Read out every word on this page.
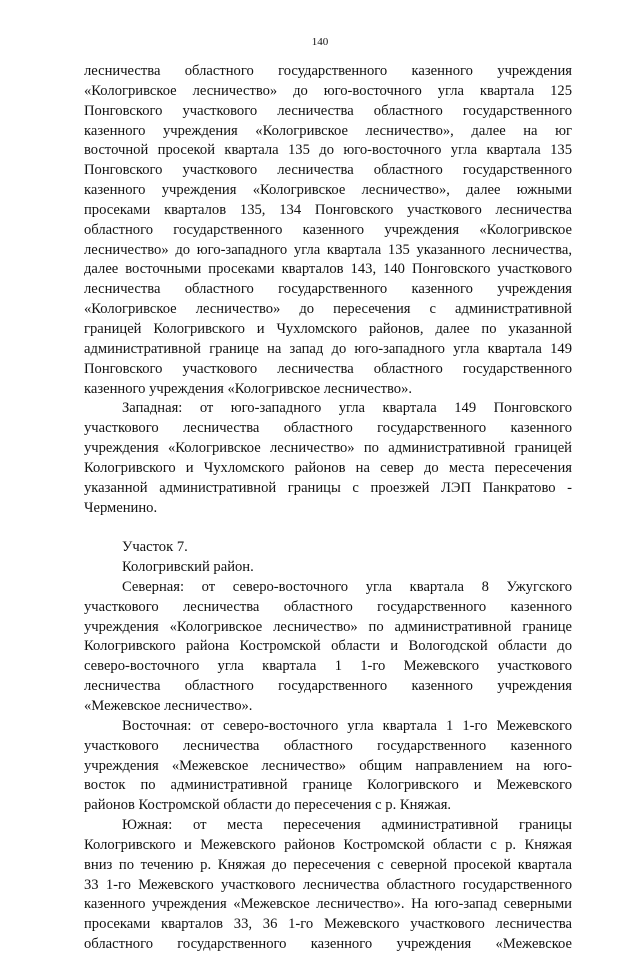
140

лесничества областного государственного казенного учреждения
«Кологривское лесничество» до юго-восточного угла квартала 125
Понговского участкового лесничества областного государственного
казенного учреждения «Кологривское лесничество», далее на юг
восточной просекой квартала 135 до юго-восточного угла квартала 135
Понговского участкового лесничества областного государственного
казенного учреждения «Кологривское лесничество», далее южными
просеками кварталов 135, 134 Понговского участкового лесничества
областного государственного казенного учреждения «Кологривское
лесничество» до юго-западного угла квартала 135 указанного лесничества,
далее восточными просеками кварталов 143, 140 Понговского участкового
лесничества областного государственного казенного учреждения
«Кологривское лесничество» до пересечения с административной
границей Кологривского и Чухломского районов, далее по указанной
административной границе на запад до юго-западного угла квартала 149
Понговского участкового лесничества областного государственного
казенного учреждения «Кологривское лесничество».

Западная: от юго-западного угла квартала 149 Понговского
участкового лесничества областного государственного казенного
учреждения «Кологривское лесничество» по административной границей
Кологривского и Чухломского районов на север до места пересечения
указанной административной границы с проезжей ЛЭП Панкратово -
Черменино.

Участок 7.
Кологривский район.

Северная: от северо-восточного угла квартала 8 Ужугского
участкового лесничества областного государственного казенного
учреждения «Кологривское лесничество» по административной границе
Кологривского района Костромской области и Вологодской области до
северо-восточного угла квартала 1 1-го Межевского участкового
лесничества областного государственного казенного учреждения
«Межевское лесничество».

Восточная: от северо-восточного угла квартала 1 1-го Межевского
участкового лесничества областного государственного казенного
учреждения «Межевское лесничество» общим направлением на юго-
восток по административной границе Кологривского и Межевского
районов Костромской области до пересечения с р. Княжая.

Южная: от места пересечения административной границы
Кологривского и Межевского районов Костромской области с р. Княжая
вниз по течению р. Княжая до пересечения с северной просекой квартала
33 1-го Межевского участкового лесничества областного государственного
казенного учреждения «Межевское лесничество». На юго-запад северными
просеками кварталов 33, 36 1-го Межевского участкового лесничества
областного государственного казенного учреждения «Межевское
